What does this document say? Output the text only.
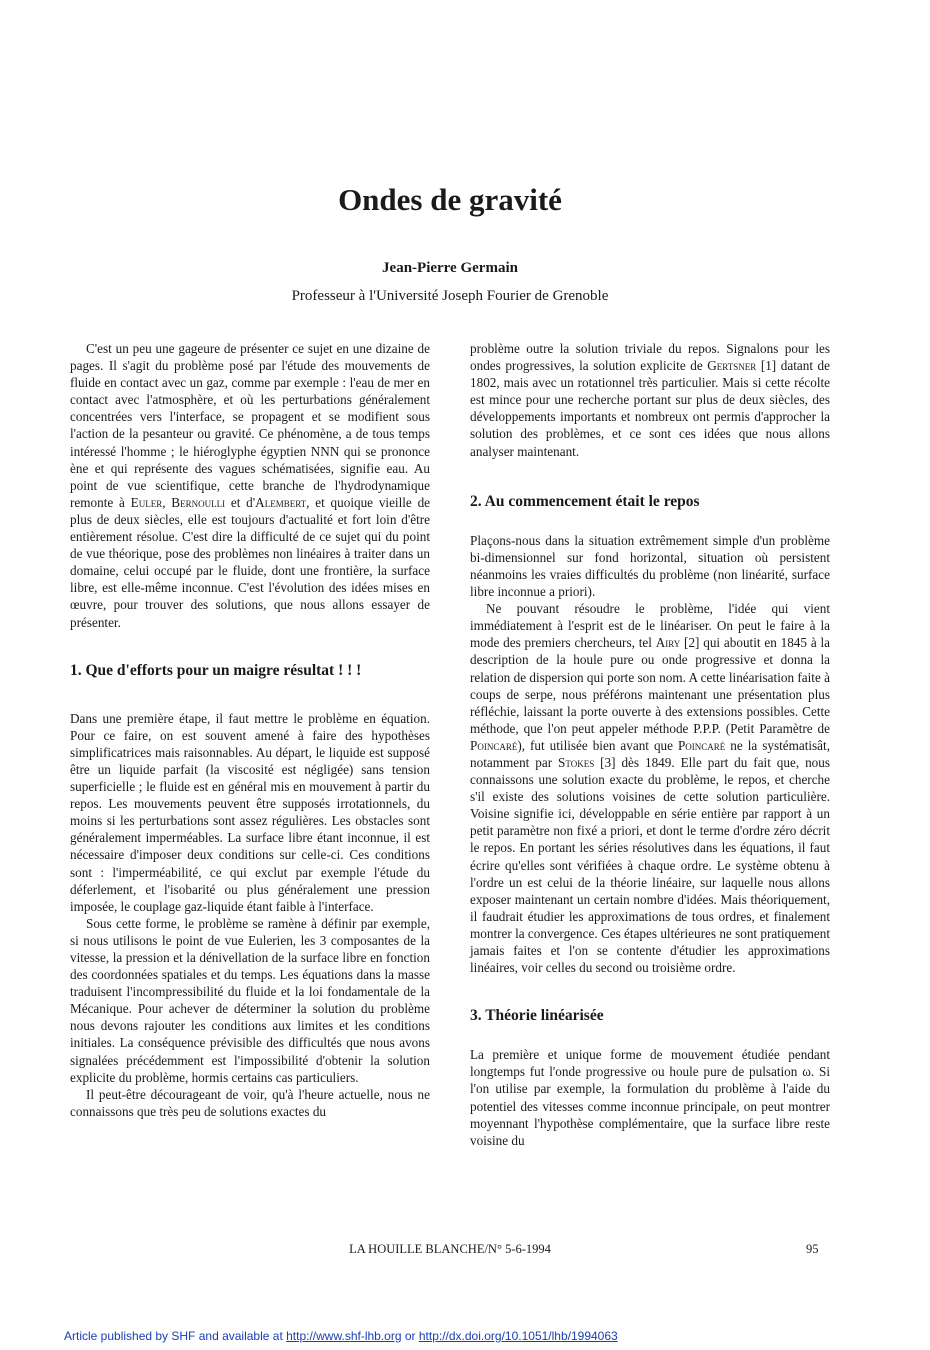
Ondes de gravité

Jean-Pierre Germain

Professeur à l'Université Joseph Fourier de Grenoble

C'est un peu une gageure de présenter ce sujet en une dizaine de pages. Il s'agit du problème posé par l'étude des mouvements de fluide en contact avec un gaz, comme par exemple : l'eau de mer en contact avec l'atmosphère, et où les perturbations généralement concentrées vers l'interface, se propagent et se modifient sous l'action de la pesanteur ou gravité. Ce phénomène, a de tous temps intéressé l'homme ; le hiéroglyphe égyptien NNN qui se prononce ène et qui représente des vagues schématisées, signifie eau. Au point de vue scientifique, cette branche de l'hydrodynamique remonte à Euler, Bernoulli et d'Alembert, et quoique vieille de plus de deux siècles, elle est toujours d'actualité et fort loin d'être entièrement résolue. C'est dire la difficulté de ce sujet qui du point de vue théorique, pose des problèmes non linéaires à traiter dans un domaine, celui occupé par le fluide, dont une frontière, la surface libre, est elle-même inconnue. C'est l'évolution des idées mises en œuvre, pour trouver des solutions, que nous allons essayer de présenter.

1. Que d'efforts pour un maigre résultat ! ! !

Dans une première étape, il faut mettre le problème en équation. Pour ce faire, on est souvent amené à faire des hypothèses simplificatrices mais raisonnables. Au départ, le liquide est supposé être un liquide parfait (la viscosité est négligée) sans tension superficielle ; le fluide est en général mis en mouvement à partir du repos. Les mouvements peuvent être supposés irrotationnels, du moins si les perturbations sont assez régulières. Les obstacles sont généralement imperméables. La surface libre étant inconnue, il est nécessaire d'imposer deux conditions sur celle-ci. Ces conditions sont : l'imperméabilité, ce qui exclut par exemple l'étude du déferlement, et l'isobarité ou plus généralement une pression imposée, le couplage gaz-liquide étant faible à l'interface.

Sous cette forme, le problème se ramène à définir par exemple, si nous utilisons le point de vue Eulerien, les 3 composantes de la vitesse, la pression et la dénivellation de la surface libre en fonction des coordonnées spatiales et du temps. Les équations dans la masse traduisent l'incompressibilité du fluide et la loi fondamentale de la Mécanique. Pour achever de déterminer la solution du problème nous devons rajouter les conditions aux limites et les conditions initiales. La conséquence prévisible des difficultés que nous avons signalées précédemment est l'impossibilité d'obtenir la solution explicite du problème, hormis certains cas particuliers.

Il peut-être décourageant de voir, qu'à l'heure actuelle, nous ne connaissons que très peu de solutions exactes du

problème outre la solution triviale du repos. Signalons pour les ondes progressives, la solution explicite de Gertsner [1] datant de 1802, mais avec un rotationnel très particulier. Mais si cette récolte est mince pour une recherche portant sur plus de deux siècles, des développements importants et nombreux ont permis d'approcher la solution des problèmes, et ce sont ces idées que nous allons analyser maintenant.

2. Au commencement était le repos

Plaçons-nous dans la situation extrêmement simple d'un problème bi-dimensionnel sur fond horizontal, situation où persistent néanmoins les vraies difficultés du problème (non linéarité, surface libre inconnue a priori).

Ne pouvant résoudre le problème, l'idée qui vient immédiatement à l'esprit est de le linéariser. On peut le faire à la mode des premiers chercheurs, tel Airy [2] qui aboutit en 1845 à la description de la houle pure ou onde progressive et donna la relation de dispersion qui porte son nom. A cette linéarisation faite à coups de serpe, nous préférons maintenant une présentation plus réfléchie, laissant la porte ouverte à des extensions possibles. Cette méthode, que l'on peut appeler méthode P.P.P. (Petit Paramètre de Poincaré), fut utilisée bien avant que Poincaré ne la systématisât, notamment par Stokes [3] dès 1849. Elle part du fait que, nous connaissons une solution exacte du problème, le repos, et cherche s'il existe des solutions voisines de cette solution particulière. Voisine signifie ici, développable en série entière par rapport à un petit paramètre non fixé a priori, et dont le terme d'ordre zéro décrit le repos. En portant les séries résolutives dans les équations, il faut écrire qu'elles sont vérifiées à chaque ordre. Le système obtenu à l'ordre un est celui de la théorie linéaire, sur laquelle nous allons exposer maintenant un certain nombre d'idées. Mais théoriquement, il faudrait étudier les approximations de tous ordres, et finalement montrer la convergence. Ces étapes ultérieures ne sont pratiquement jamais faites et l'on se contente d'étudier les approximations linéaires, voir celles du second ou troisième ordre.

3. Théorie linéarisée

La première et unique forme de mouvement étudiée pendant longtemps fut l'onde progressive ou houle pure de pulsation ω. Si l'on utilise par exemple, la formulation du problème à l'aide du potentiel des vitesses comme inconnue principale, on peut montrer moyennant l'hypothèse complémentaire, que la surface libre reste voisine du

LA HOUILLE BLANCHE/N° 5-6-1994	95

Article published by SHF and available at http://www.shf-lhb.org or http://dx.doi.org/10.1051/lhb/1994063
